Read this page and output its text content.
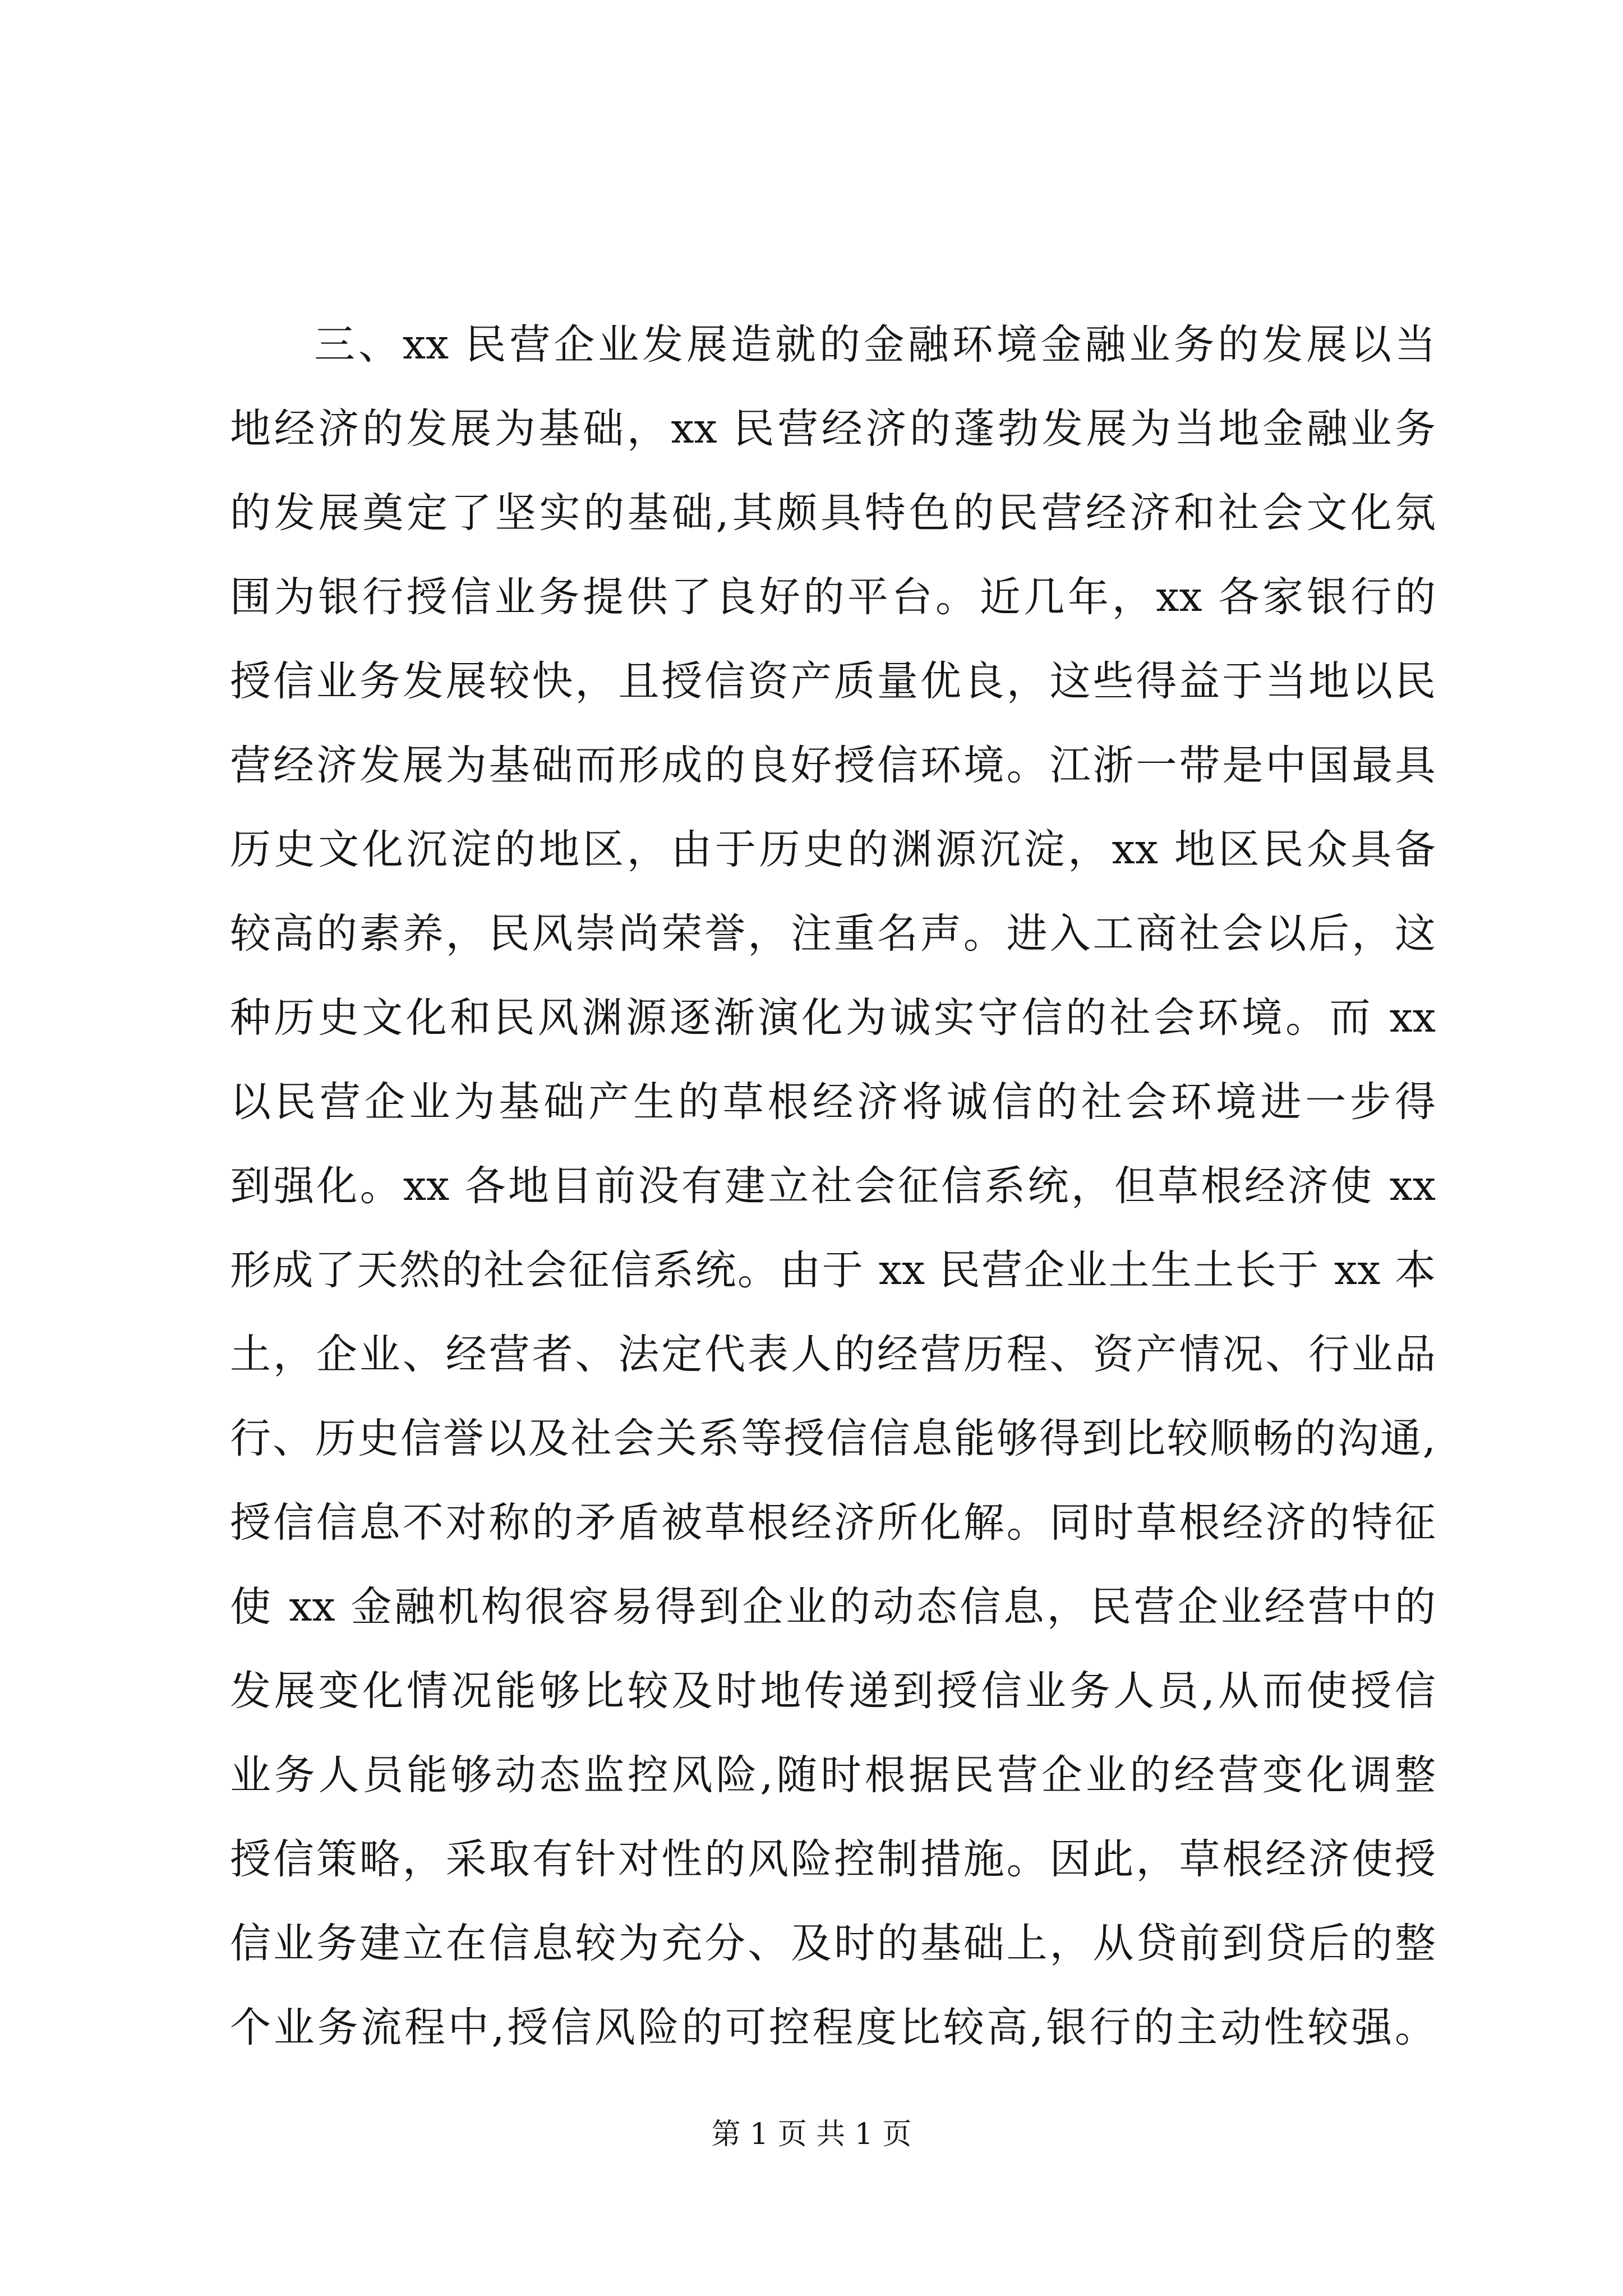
三、xx 民营企业发展造就的金融环境金融业务的发展以当
地经济的发展为基础，xx 民营经济的蓬勃发展为当地金融业务
的发展奠定了坚实的基础,其颇具特色的民营经济和社会文化氛
围为银行授信业务提供了良好的平台。近几年，xx 各家银行的
授信业务发展较快，且授信资产质量优良，这些得益于当地以民
营经济发展为基础而形成的良好授信环境。江浙一带是中国最具
历史文化沉淀的地区，由于历史的渊源沉淀，xx 地区民众具备
较高的素养，民风崇尚荣誉，注重名声。进入工商社会以后，这
种历史文化和民风渊源逐渐演化为诚实守信的社会环境。而 xx
以民营企业为基础产生的草根经济将诚信的社会环境进一步得
到强化。xx 各地目前没有建立社会征信系统，但草根经济使 xx
形成了天然的社会征信系统。由于 xx 民营企业土生土长于 xx 本
土，企业、经营者、法定代表人的经营历程、资产情况、行业品
行、历史信誉以及社会关系等授信信息能够得到比较顺畅的沟通,
授信信息不对称的矛盾被草根经济所化解。同时草根经济的特征
使 xx 金融机构很容易得到企业的动态信息，民营企业经营中的
发展变化情况能够比较及时地传递到授信业务人员,从而使授信
业务人员能够动态监控风险,随时根据民营企业的经营变化调整
授信策略，采取有针对性的风险控制措施。因此，草根经济使授
信业务建立在信息较为充分、及时的基础上，从贷前到贷后的整
个业务流程中,授信风险的可控程度比较高,银行的主动性较强。
第 1 页 共 1 页
